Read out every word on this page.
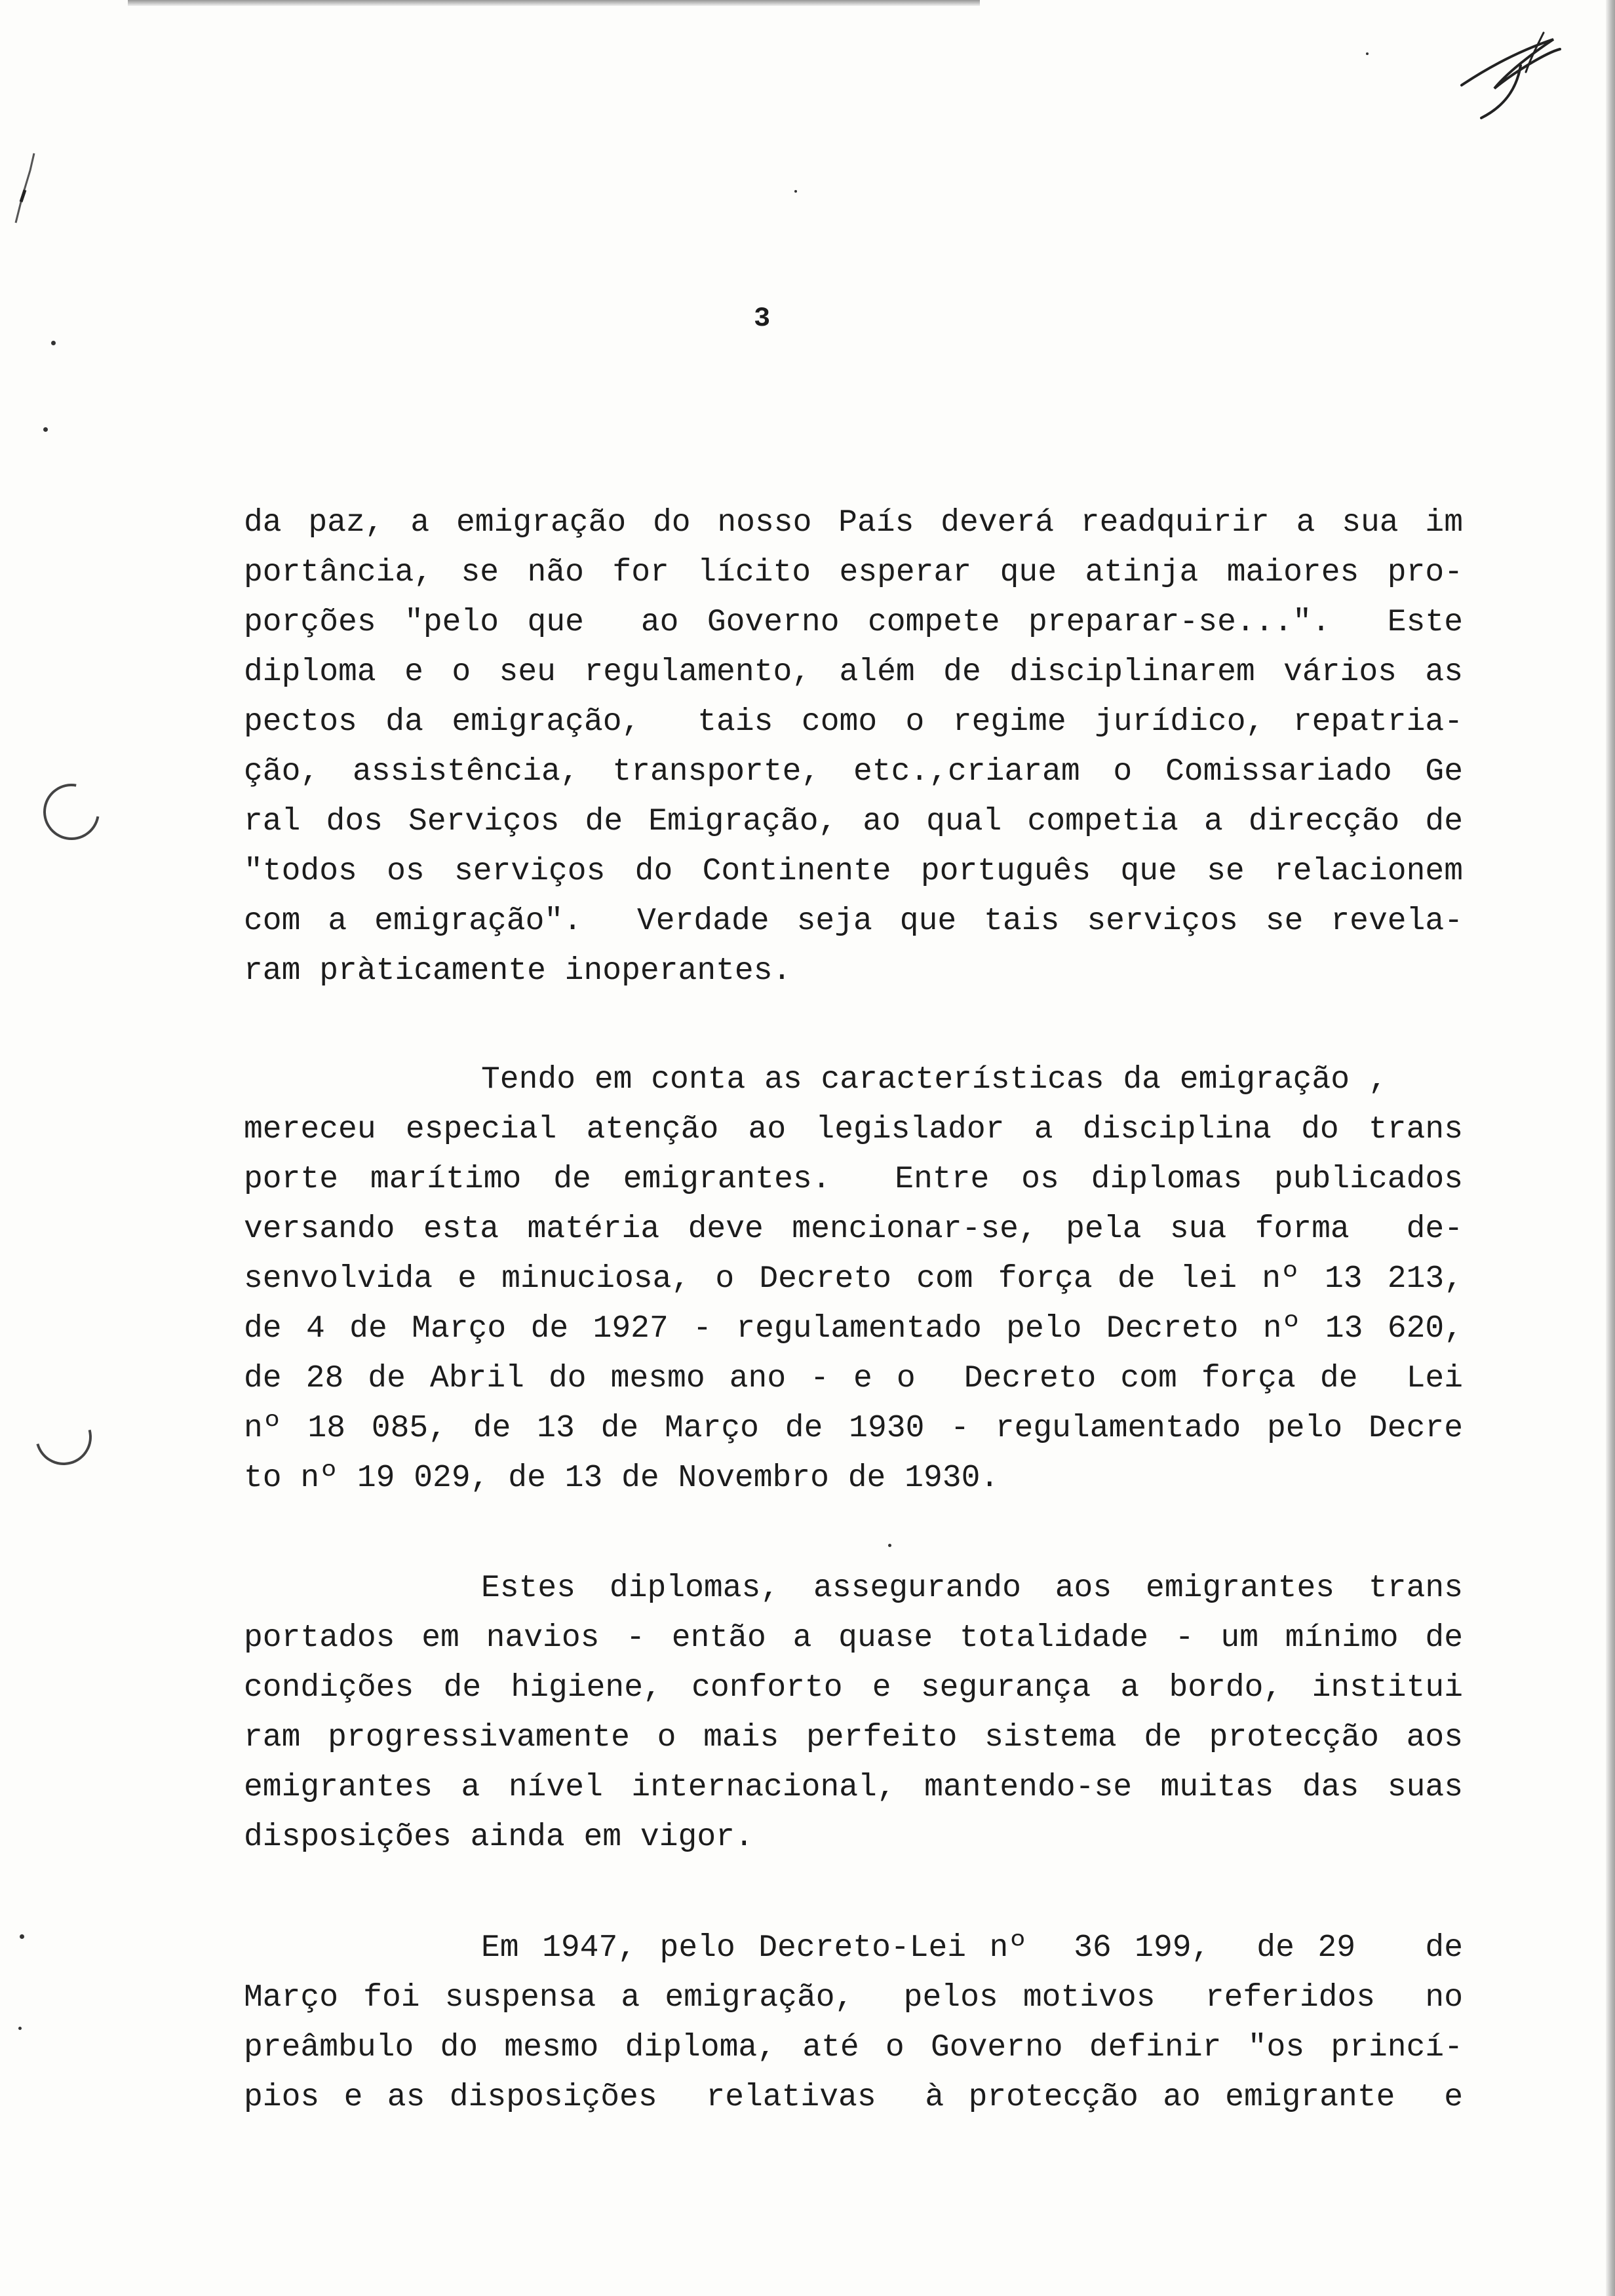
3
da paz, a emigração do nosso País deverá readquirir a sua im
portância, se não for lícito esperar que atinja maiores pro-
porções "pelo que  ao Governo compete preparar-se...".  Este
diploma e o seu regulamento, além de disciplinarem vários as
pectos da emigração,  tais como o regime jurídico, repatria-
ção, assistência, transporte, etc.,criaram o Comissariado Ge
ral dos Serviços de Emigração, ao qual competia a direcção de
"todos os serviços do Continente português que se relacionem
com a emigração".  Verdade seja que tais serviços se revela-
ram pràticamente inoperantes.
Tendo em conta as características da emigração ,
mereceu especial atenção ao legislador a disciplina do trans
porte marítimo de emigrantes.  Entre os diplomas publicados
versando esta matéria deve mencionar-se, pela sua forma  de-
senvolvida e minuciosa, o Decreto com força de lei nº 13 213,
de 4 de Março de 1927 - regulamentado pelo Decreto nº 13 620,
de 28 de Abril do mesmo ano - e o  Decreto com força de  Lei
nº 18 085, de 13 de Março de 1930 - regulamentado pelo Decre
to nº 19 029, de 13 de Novembro de 1930.
Estes diplomas, assegurando aos emigrantes trans
portados em navios - então a quase totalidade - um mínimo de
condições de higiene, conforto e segurança a bordo, institui
ram progressivamente o mais perfeito sistema de protecção aos
emigrantes a nível internacional, mantendo-se muitas das suas
disposições ainda em vigor.
Em 1947, pelo Decreto-Lei nº  36 199,  de 29   de
Março foi suspensa a emigração,  pelos motivos  referidos  no
preâmbulo do mesmo diploma, até o Governo definir "os princí-
pios e as disposições  relativas  à protecção ao emigrante  e
